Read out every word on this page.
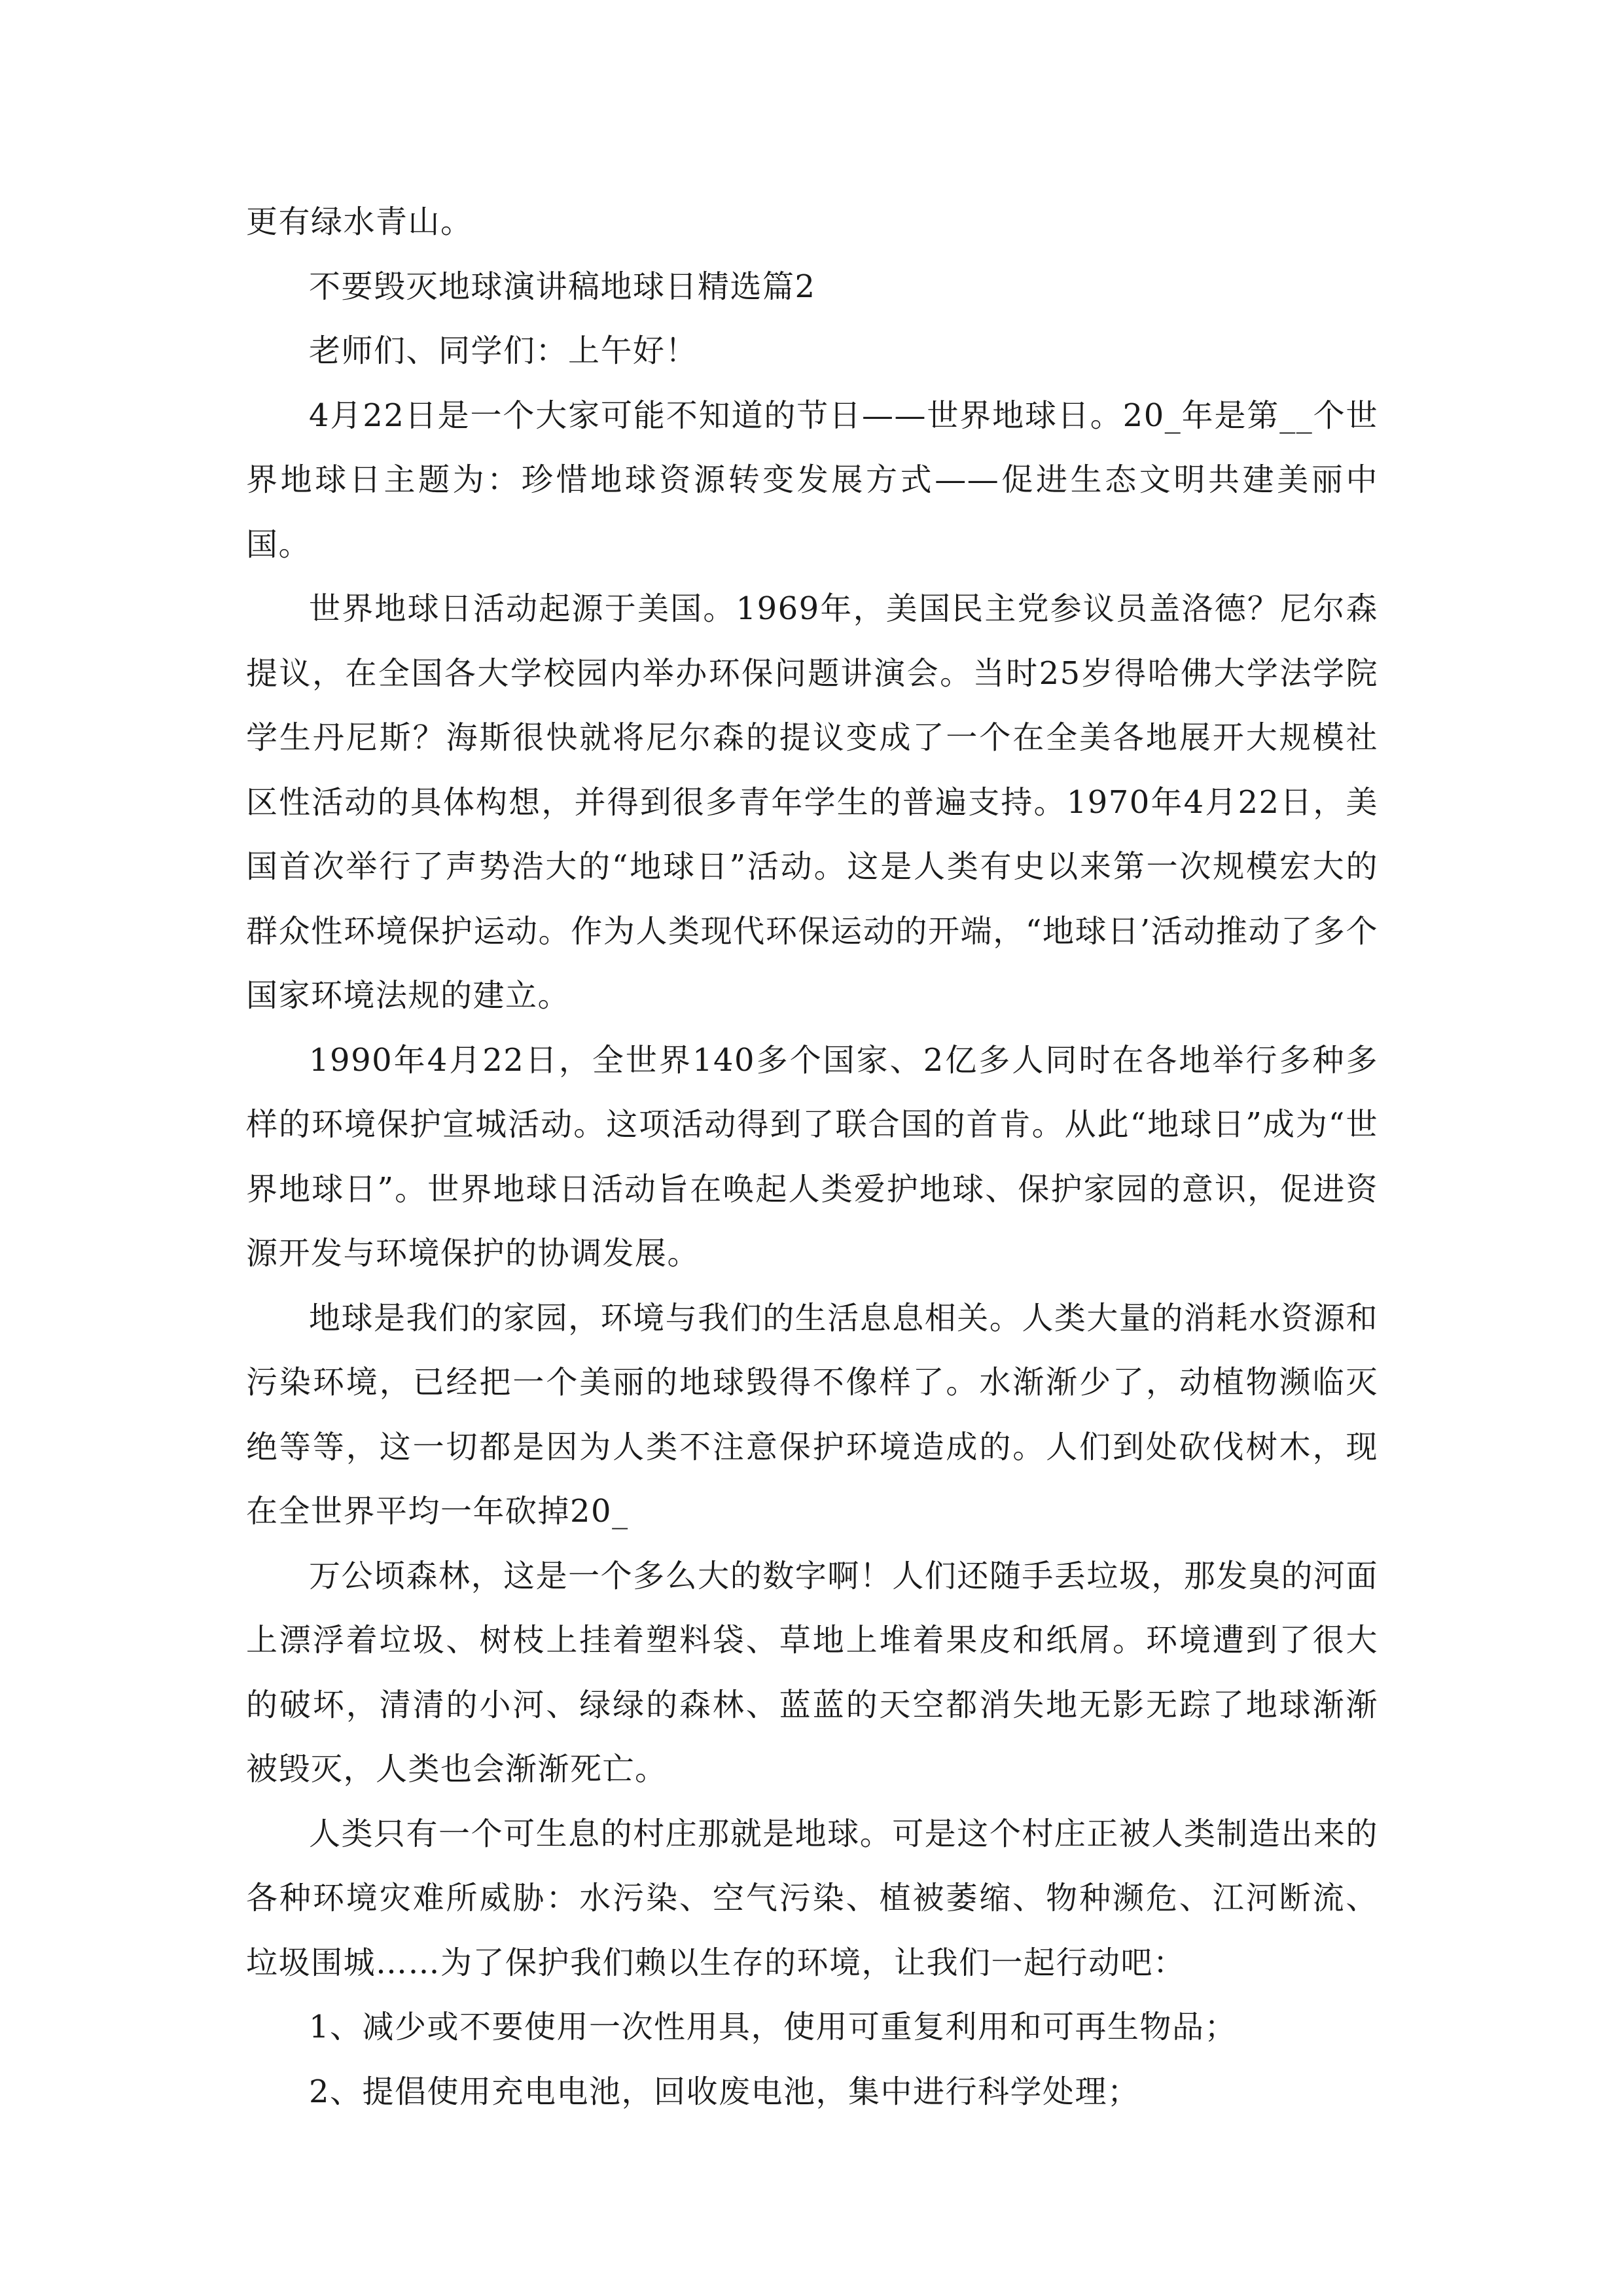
更有绿水青山。

不要毁灭地球演讲稿地球日精选篇2

老师们、同学们：上午好！

4月22日是一个大家可能不知道的节日——世界地球日。20_年是第__个世界地球日主题为：珍惜地球资源转变发展方式——促进生态文明共建美丽中国。

世界地球日活动起源于美国。1969年，美国民主党参议员盖洛德？尼尔森提议，在全国各大学校园内举办环保问题讲演会。当时25岁得哈佛大学法学院学生丹尼斯？海斯很快就将尼尔森的提议变成了一个在全美各地展开大规模社区性活动的具体构想，并得到很多青年学生的普遍支持。1970年4月22日，美国首次举行了声势浩大的“地球日”活动。这是人类有史以来第一次规模宏大的群众性环境保护运动。作为人类现代环保运动的开端，“地球日’活动推动了多个国家环境法规的建立。

1990年4月22日，全世界140多个国家、2亿多人同时在各地举行多种多样的环境保护宣城活动。这项活动得到了联合国的首肯。从此“地球日”成为“世界地球日”。世界地球日活动旨在唤起人类爱护地球、保护家园的意识，促进资源开发与环境保护的协调发展。

地球是我们的家园，环境与我们的生活息息相关。人类大量的消耗水资源和污染环境，已经把一个美丽的地球毁得不像样了。水渐渐少了，动植物濒临灭绝等等，这一切都是因为人类不注意保护环境造成的。人们到处砍伐树木，现在全世界平均一年砍掉20_

万公顷森林，这是一个多么大的数字啊！人们还随手丢垃圾，那发臭的河面上漂浮着垃圾、树枝上挂着塑料袋、草地上堆着果皮和纸屑。环境遭到了很大的破坏，清清的小河、绿绿的森林、蓝蓝的天空都消失地无影无踪了地球渐渐被毁灭，人类也会渐渐死亡。

人类只有一个可生息的村庄那就是地球。可是这个村庄正被人类制造出来的各种环境灾难所威胁：水污染、空气污染、植被萎缩、物种濒危、江河断流、垃圾围城……为了保护我们赖以生存的环境，让我们一起行动吧：

1、减少或不要使用一次性用具，使用可重复利用和可再生物品；

2、提倡使用充电电池，回收废电池，集中进行科学处理；
